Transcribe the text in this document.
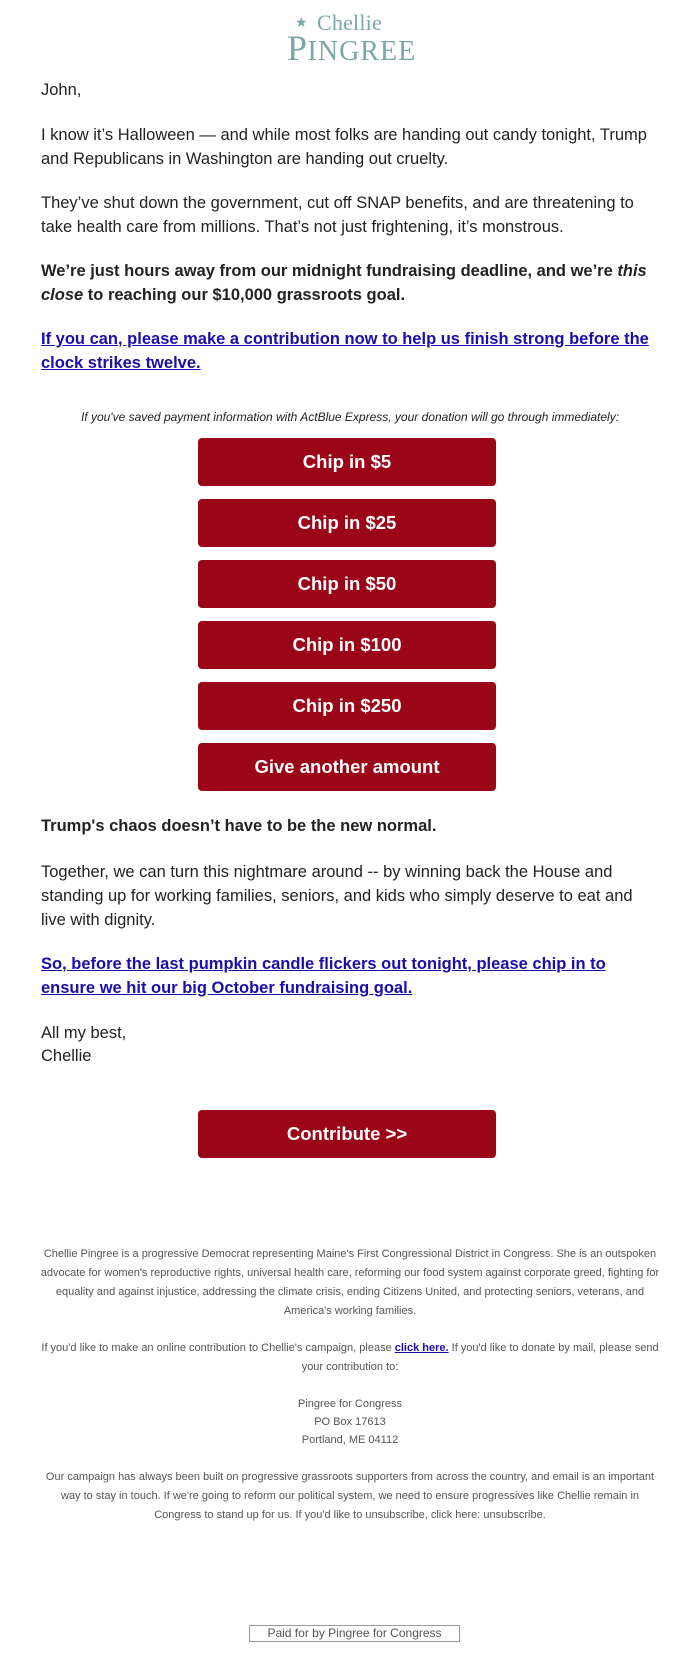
★ Chellie
PINGREE

John,

I know it’s Halloween — and while most folks are handing out candy tonight, Trump and Republicans in Washington are handing out cruelty.

They’ve shut down the government, cut off SNAP benefits, and are threatening to take health care from millions. That’s not just frightening, it’s monstrous.

We’re just hours away from our midnight fundraising deadline, and we’re this close to reaching our $10,000 grassroots goal.

If you can, please make a contribution now to help us finish strong before the clock strikes twelve.

If you've saved payment information with ActBlue Express, your donation will go through immediately:
Chip in $5
Chip in $25
Chip in $50
Chip in $100
Chip in $250
Give another amount

Trump's chaos doesn’t have to be the new normal.

Together, we can turn this nightmare around -- by winning back the House and standing up for working families, seniors, and kids who simply deserve to eat and live with dignity.

So, before the last pumpkin candle flickers out tonight, please chip in to ensure we hit our big October fundraising goal.

All my best,

Chellie

Contribute >>

Chellie Pingree is a progressive Democrat representing Maine's First Congressional District in Congress. She is an outspoken advocate for women's reproductive rights, universal health care, reforming our food system against corporate greed, fighting for equality and against injustice, addressing the climate crisis, ending Citizens United, and protecting seniors, veterans, and America's working families.

If you'd like to make an online contribution to Chellie's campaign, please click here. If you'd like to donate by mail, please send your contribution to:

Pingree for Congress

PO Box 17613

Portland, ME 04112

Our campaign has always been built on progressive grassroots supporters from across the country, and email is an important way to stay in touch. If we're going to reform our political system, we need to ensure progressives like Chellie remain in Congress to stand up for us. If you'd like to unsubscribe, click here: unsubscribe.

Paid for by Pingree for Congress
